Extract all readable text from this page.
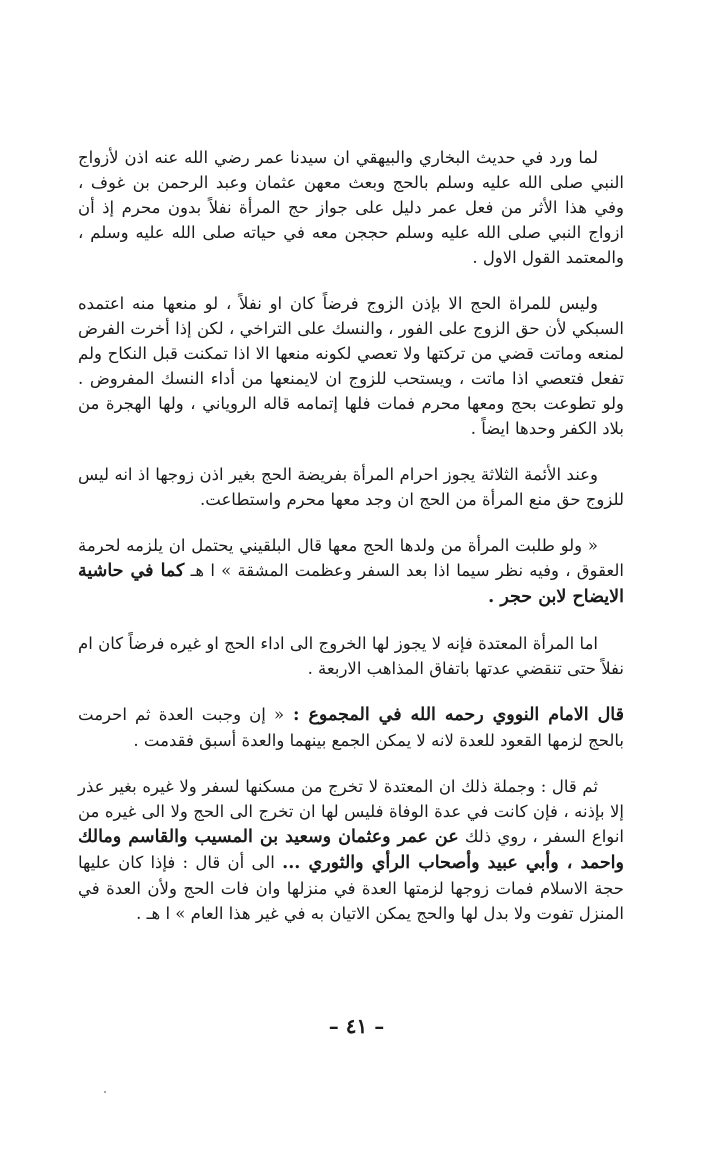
لما ورد في حديث البخاري والبيهقي ان سيدنا عمر رضي الله عنه اذن لأزواج النبي صلى الله عليه وسلم بالحج وبعث معهن عثمان وعبد الرحمن بن غوف ، وفي هذا الأثر من فعل عمر دليل على جواز حج المرأة نفلاً بدون محرم إذ أن ازواج النبي صلى الله عليه وسلم حججن معه في حياته صلى الله عليه وسلم ، والمعتمد القول الاول .

وليس للمراة الحج الا بإذن الزوج فرضاً كان او نفلاً ، لو منعها منه اعتمده السبكي لأن حق الزوج على الفور ، والنسك على التراخي ، لكن إذا أخرت الفرض لمنعه وماتت قضي من تركتها ولا تعصي لكونه منعها الا اذا تمكنت قبل النكاح ولم تفعل فتعصي اذا ماتت ، ويستحب للزوج ان لايمنعها من أداء النسك المفروض . ولو تطوعت بحج ومعها محرم فمات فلها إتمامه قاله الروياني ، ولها الهجرة من بلاد الكفر وحدها ايضاً .

وعند الأئمة الثلاثة يجوز احرام المرأة بفريضة الحج بغير اذن زوجها اذ انه ليس للزوج حق منع المرأة من الحج ان وجد معها محرم واستطاعت.

« ولو طلبت المرأة من ولدها الحج معها قال البلقيني يحتمل ان يلزمه لحرمة العقوق ، وفيه نظر سيما اذا بعد السفر وعظمت المشقة » ا هـ كما في حاشية الايضاح لابن حجر .

اما المرأة المعتدة فإنه لا يجوز لها الخروج الى اداء الحج او غيره فرضاً كان ام نفلاً حتى تنقضي عدتها باتفاق المذاهب الاربعة .

قال الامام النووي رحمه الله في المجموع : « إن وجبت العدة ثم احرمت بالحج لزمها القعود للعدة لانه لا يمكن الجمع بينهما والعدة أسبق فقدمت .

ثم قال : وجملة ذلك ان المعتدة لا تخرج من مسكنها لسفر ولا غيره بغير عذر إلا بإذنه ، فإن كانت في عدة الوفاة فليس لها ان تخرج الى الحج ولا الى غيره من انواع السفر ، روي ذلك عن عمر وعثمان وسعيد بن المسيب والقاسم ومالك واحمد ، وأبي عبيد وأصحاب الرأي والثوري ... الى أن قال : فإذا كان عليها حجة الاسلام فمات زوجها لزمتها العدة في منزلها وان فات الحج ولأن العدة في المنزل تفوت ولا بدل لها والحج يمكن الاتيان به في غير هذا العام » ا هـ .

– ٤١ –
